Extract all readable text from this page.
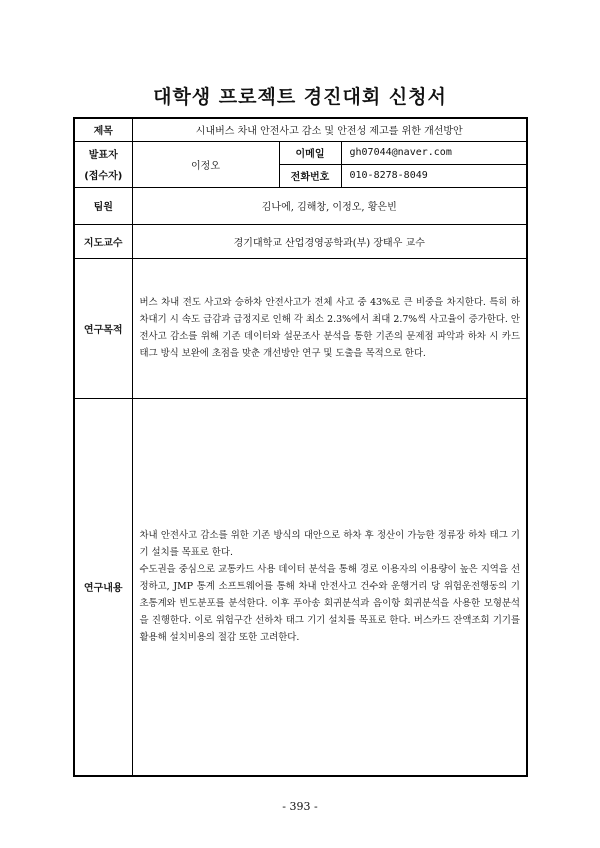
대학생 프로젝트 경진대회 신청서
제목	시내버스 차내 안전사고 감소 및 안전성 제고를 위한 개선방안		

발표자
(접수자)	이정오	이메일	gh07044@naver.com
		전화번호	010-8278-8049
팀원	김나에, 김해창, 이정오, 황은빈		
지도교수	경기대학교 산업경영공학과(부) 장태우 교수		
연구목적	버스 차내 전도 사고와 승하차 안전사고가 전체 사고 중 43%로 큰 비중을 차지한다. 특히 하차대기 시 속도 급감과 급정지로 인해 각 최소 2.3%에서 최대 2.7%씩 사고율이 증가한다. 안전사고 감소를 위해 기존 데이터와 설문조사 분석을 통한 기존의 문제점 파악과 하차 시 카드 태그 방식 보완에 초점을 맞춘 개선방안 연구 및 도출을 목적으로 한다.		

연구내용	차내 안전사고 감소를 위한 기존 방식의 대안으로 하차 후 정산이 가능한 정류장 하차 태그 기기 설치를 목표로 한다.

수도권을 중심으로 교통카드 사용 데이터 분석을 통해 경로 이용자의 이용량이 높은 지역을 선정하고, JMP 통계 소프트웨어를 통해 차내 안전사고 건수와 운행거리 당 위험운전행동의 기초통계와 빈도분포를 분석한다. 이후 푸아송 회귀분석과 음이항 회귀분석을 사용한 모형분석을 진행한다. 이로 위험구간 선하차 태그 기기 설치를 목표로 한다. 버스카드 잔액조회 기기를 활용해 설치비용의 절감 또한 고려한다.		

- 393 -
